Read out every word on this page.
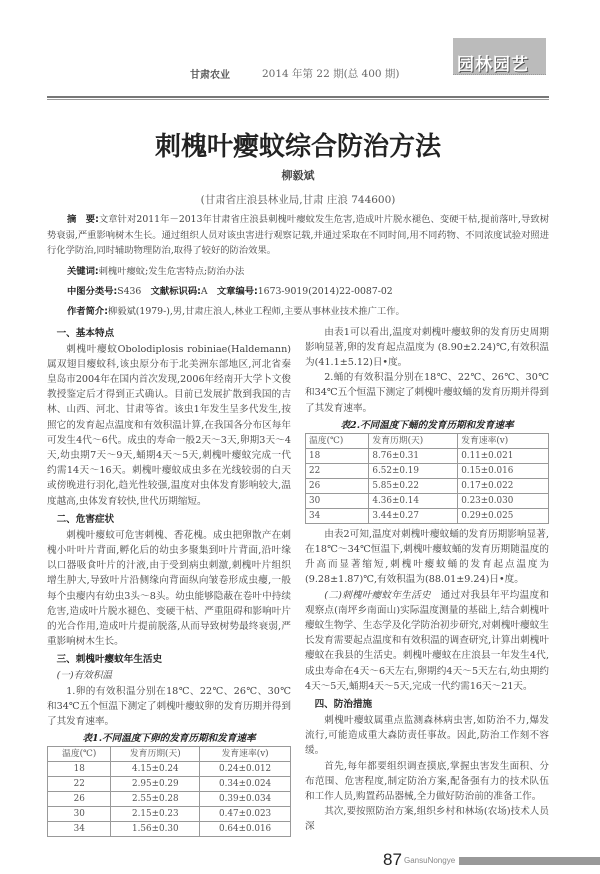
甘肃农业	2014 年第 22 期(总 400 期)	园林园艺
刺槐叶瘿蚊综合防治方法
柳毅斌
(甘肃省庄浪县林业局,甘肃 庄浪 744600)
摘　要:文章针对2011年－2013年甘肃省庄浪县刺槐叶瘿蚊发生危害,造成叶片脱水褪色、变硬干枯,提前落叶,导致树势衰弱,严重影响树木生长。通过组织人员对该虫害进行观察记载,并通过采取在不同时间,用不同药物、不同浓度试验对照进行化学防治,同时辅助物理防治,取得了较好的防治效果。
关键词:刺槐叶瘿蚊;发生危害特点;防治办法
中图分类号:S436  文献标识码:A  文章编号:1673-9019(2014)22-0087-02
作者简介:柳毅斌(1979-),男,甘肃庄浪人,林业工程师,主要从事林业技术推广工作。
一、基本特点

刺槐叶瘿蚊Obolodiplosis robiniae(Haldemann)属双翅目瘿蚊科,该虫原分布于北美洲东部地区,河北省秦皇岛市2004年在国内首次发现,2006年经南开大学卜文俊教授鉴定后才得到正式确认。目前已发展扩散到我国的吉林、山西、河北、甘肃等省。该虫1年发生呈多代发生,按照它的发育起点温度和有效积温计算,在我国各分布区每年可发生4代～6代。成虫的寿命一般2天～3天,卵期3天～4天,幼虫期7天～9天,蛹期4天～5天,刺槐叶瘿蚊完成一代约需14天～16天。刺槐叶瘿蚊成虫多在光线较弱的白天或傍晚进行羽化,趋光性较强,温度对虫体发育影响较大,温度越高,虫体发育较快,世代历期缩短。

二、危害症状

刺槐叶瘿蚊可危害刺槐、香花槐。成虫把卵散产在刺槐小叶叶片背面,孵化后的幼虫多聚集到叶片背面,沿叶缘以口器吸食叶片的汁液,由于受到病虫刺激,刺槐叶片组织增生肿大,导致叶片沿侧缘向背面纵向皱卷形成虫瘿,一般每个虫瘿内有幼虫3头～8头。幼虫能够隐蔽在卷叶中持续危害,造成叶片脱水褪色、变硬干枯、严重阻碍和影响叶片的光合作用,造成叶片提前脱落,从而导致树势最终衰弱,严重影响树木生长。

三、刺槐叶瘿蚊年生活史

(一)有效积温

1.卵的有效积温分别在18℃、22℃、26℃、30℃和34℃五个恒温下测定了刺槐叶瘿蚊卵的发育历期并得到了其发育速率。

表1.不同温度下卵的发育历期和发育速率
温度(℃)	发育历期(天)	发育速率(v)
18	4.15±0.24	0.24±0.012
22	2.95±0.29	0.34±0.024
26	2.55±0.28	0.39±0.034
30	2.15±0.23	0.47±0.023
34	1.56±0.30	0.64±0.016

由表1可以看出,温度对刺槐叶瘿蚊卵的发育历史周期影响显著,卵的发育起点温度为 (8.90±2.24)℃,有效积温为(41.1±5.12)日•度。

2.蛹的有效积温分别在18℃、22℃、26℃、30℃和34℃五个恒温下测定了刺槐叶瘿蚊蛹的发育历期并得到了其发育速率。

表2.不同温度下蛹的发育历期和发育速率
温度(℃)	发育历期(天)	发育速率(v)
18	8.76±0.31	0.11±0.021
22	6.52±0.19	0.15±0.016
26	5.85±0.22	0.17±0.022
30	4.36±0.14	0.23±0.030
34	3.44±0.27	0.29±0.025

由表2可知,温度对刺槐叶瘿蚊蛹的发育历期影响显著,在18℃～34℃恒温下,刺槐叶瘿蚊蛹的发育历期随温度的升高而显著缩短,刺槐叶瘿蚊蛹的发育起点温度为(9.28±1.87)℃,有效积温为(88.01±9.24)日•度。

(二)刺槐叶瘿蚊年生活史  通过对我县年平均温度和观察点(南坪乡南面山)实际温度测量的基础上,结合刺槐叶瘿蚊生物学、生态学及化学防治初步研究,对刺槐叶瘿蚊生长发育需要起点温度和有效积温的调查研究,计算出刺槐叶瘿蚊在我县的生活史。刺槐叶瘿蚊在庄浪县一年发生4代,成虫寿命在4天～6天左右,卵期约4天～5天左右,幼虫期约4天～5天,蛹期4天～5天,完成一代约需16天～21天。

四、防治措施

刺槐叶瘿蚊属重点监测森林病虫害,如防治不力,爆发流行,可能造成重大森防责任事故。因此,防治工作刻不容缓。

首先,每年都要组织调查摸底,掌握虫害发生面积、分布范围、危害程度,制定防治方案,配备强有力的技术队伍和工作人员,购置药品器械,全力做好防治前的准备工作。

其次,要按照防治方案,组织乡村和林场(农场)技术人员深

87 GansuNongye
